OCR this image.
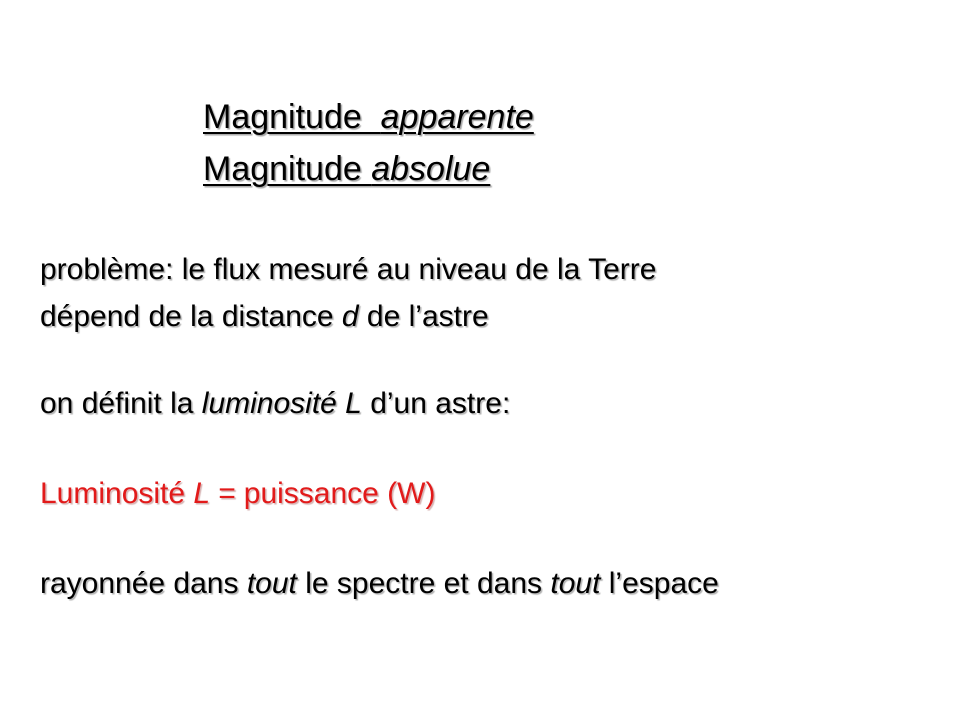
Magnitude  apparente
Magnitude absolue
problème: le flux mesuré au niveau de la Terre
dépend de la distance d de l’astre
on définit la luminosité L d’un astre:
Luminosité L = puissance (W)
rayonnée dans tout le spectre et dans tout l’espace
